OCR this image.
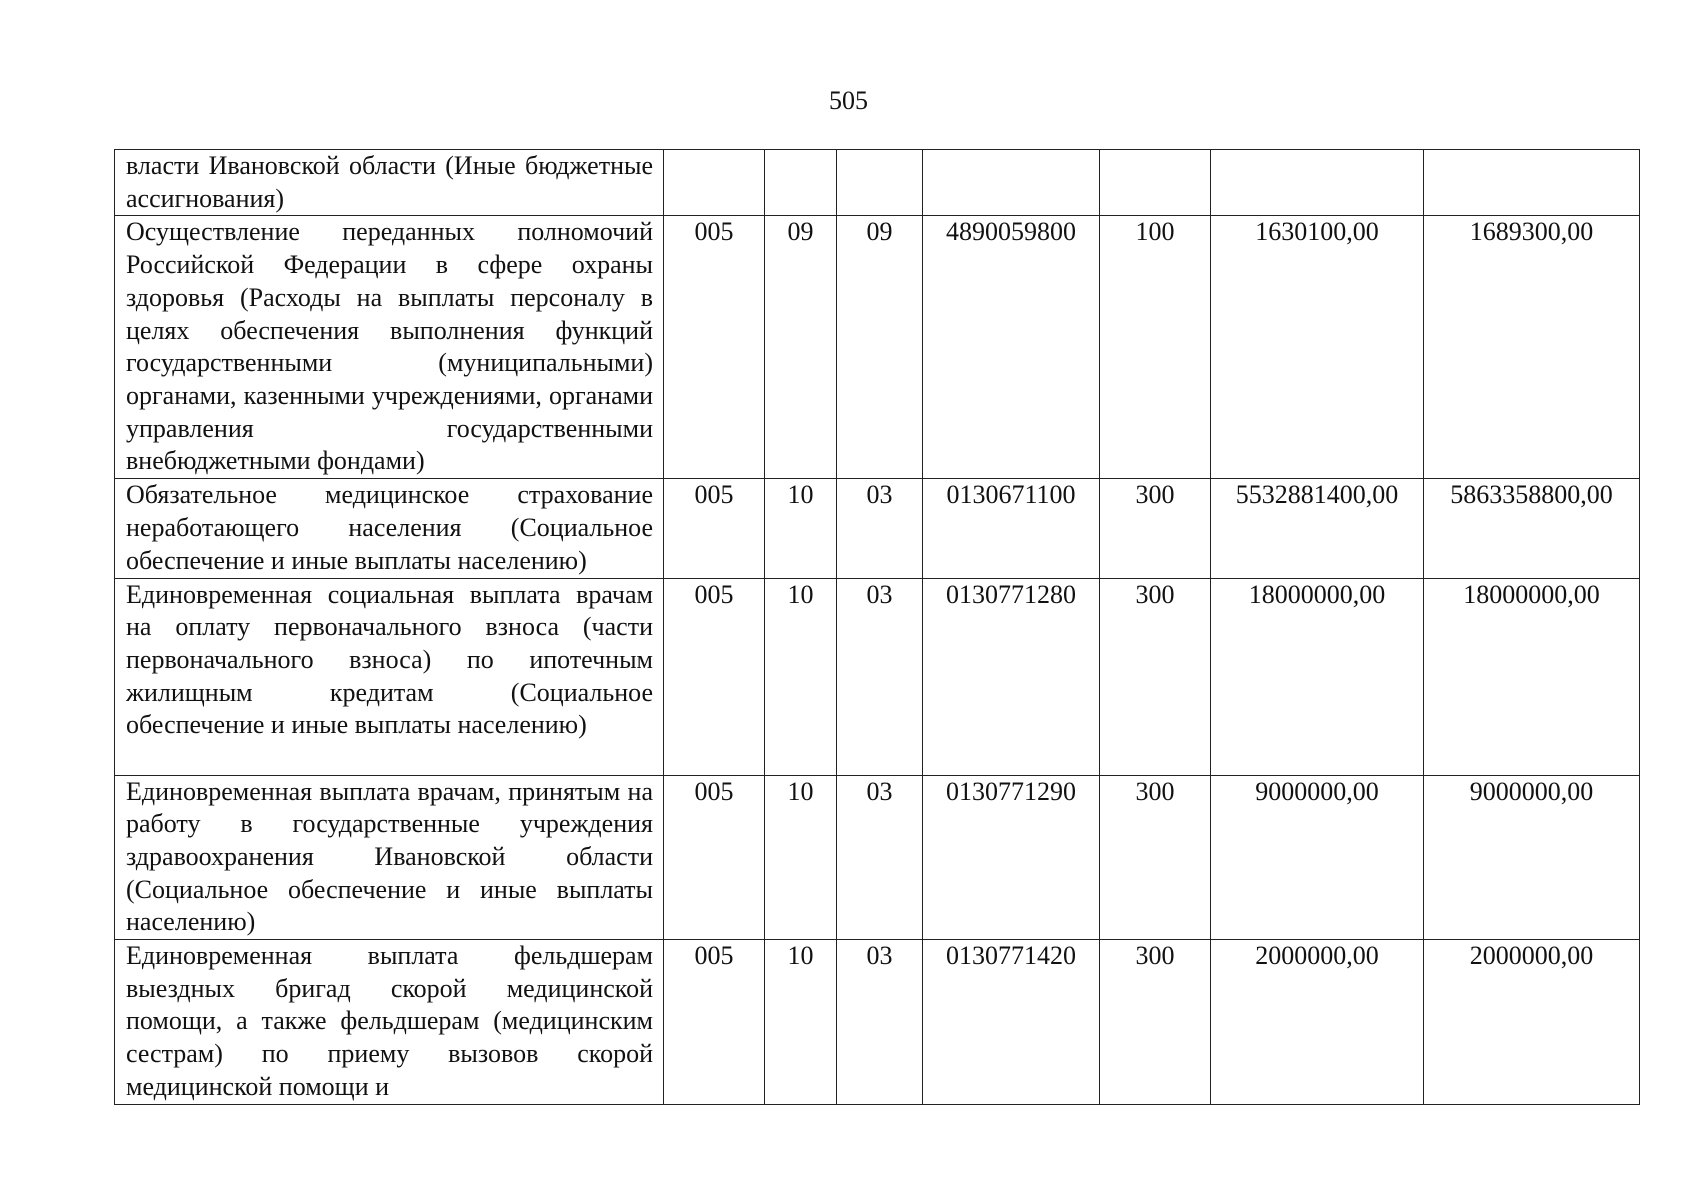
505
власти Ивановской области (Иные бюджетные ассигнования)							
Осуществление переданных полномочий Российской Федерации в сфере охраны здоровья (Расходы на выплаты персоналу в целях обеспечения выполнения функций государственными (муниципальными) органами, казенными учреждениями, органами управления государственными внебюджетными фондами)	005	09	09	4890059800	100	1630100,00	1689300,00
Обязательное медицинское страхование неработающего населения (Социальное обеспечение и иные выплаты населению)	005	10	03	0130671100	300	5532881400,00	5863358800,00
Единовременная социальная выплата врачам на оплату первоначального взноса (части первоначального взноса) по ипотечным жилищным кредитам (Социальное обеспечение и иные выплаты населению)	005	10	03	0130771280	300	18000000,00	18000000,00
Единовременная выплата врачам, принятым на работу в государственные учреждения здравоохранения Ивановской области (Социальное обеспечение и иные выплаты населению)	005	10	03	0130771290	300	9000000,00	9000000,00
Единовременная выплата фельдшерам выездных бригад скорой медицинской помощи, а также фельдшерам (медицинским сестрам) по приему вызовов скорой медицинской помощи и	005	10	03	0130771420	300	2000000,00	2000000,00
